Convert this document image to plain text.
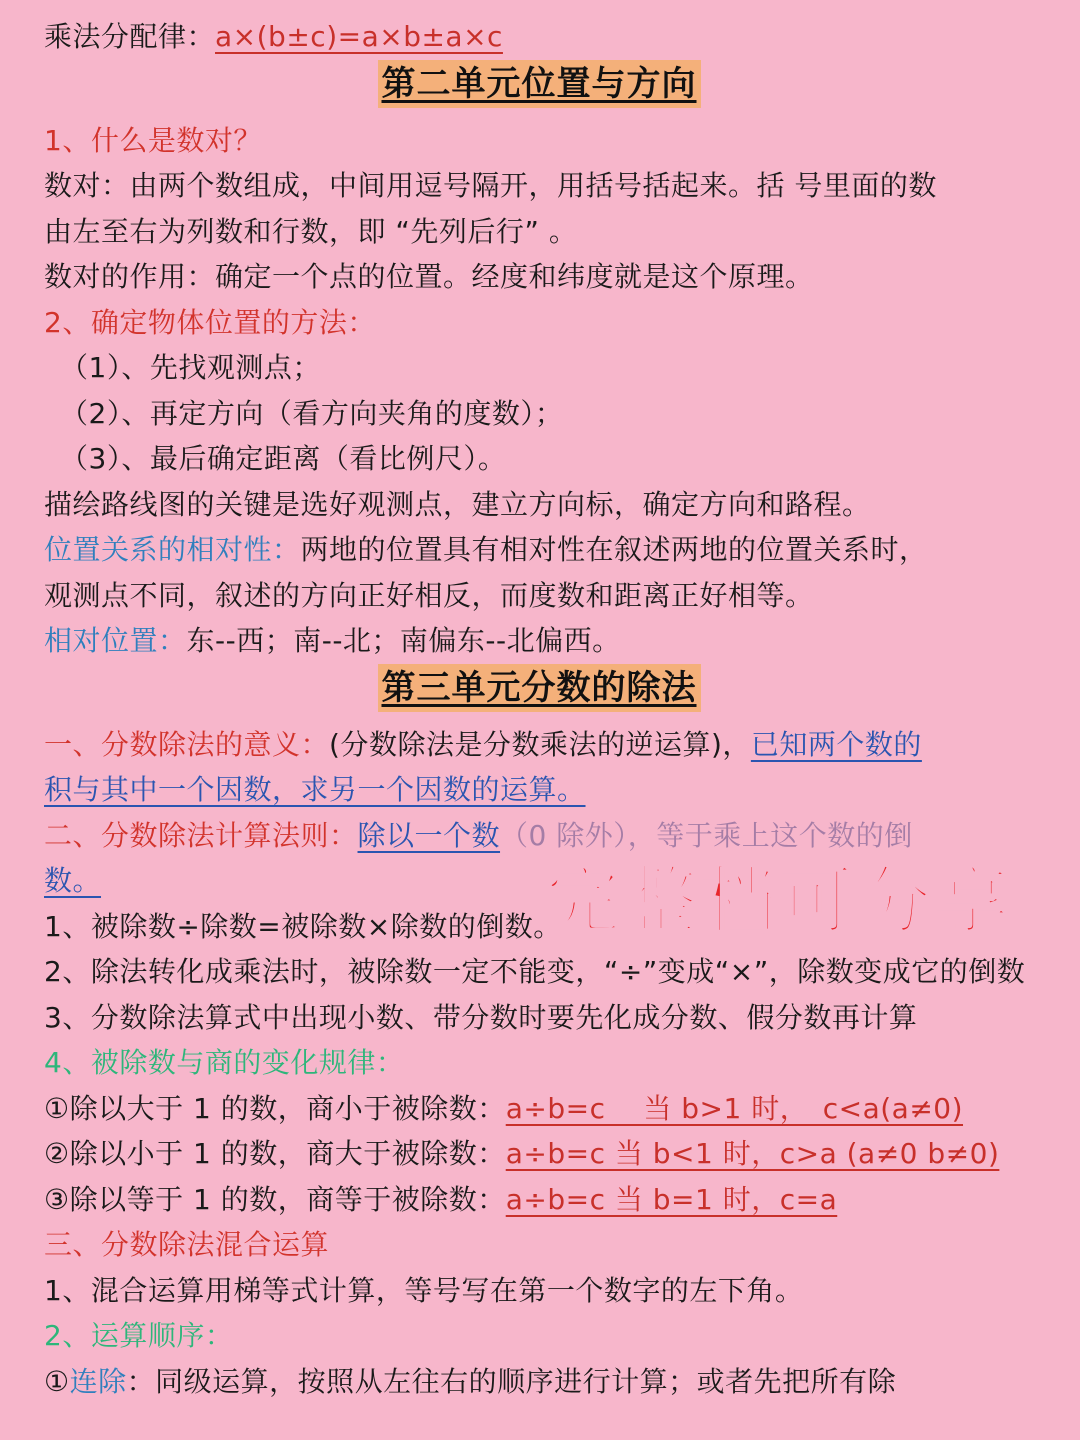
乘法分配律：a×(b±c)=a×b±a×c
第二单元位置与方向
1、什么是数对？
数对：由两个数组成，中间用逗号隔开，用括号括起来。括 号里面的数
由左至右为列数和行数，即 “先列后行” 。
数对的作用：确定一个点的位置。经度和纬度就是这个原理。
2、确定物体位置的方法：
（1）、先找观测点；
（2）、再定方向（看方向夹角的度数）；
（3）、最后确定距离（看比例尺）。
描绘路线图的关键是选好观测点，建立方向标，确定方向和路程。
位置关系的相对性：两地的位置具有相对性在叙述两地的位置关系时，
观测点不同，叙述的方向正好相反，而度数和距离正好相等。
相对位置：东--西；南--北；南偏东--北偏西。
第三单元分数的除法
一、分数除法的意义：(分数除法是分数乘法的逆运算)，已知两个数的
积与其中一个因数，求另一个因数的运算。
二、分数除法计算法则：除以一个数（0 除外），等于乘上这个数的倒
数。
1、被除数÷除数=被除数×除数的倒数。
2、除法转化成乘法时，被除数一定不能变，“÷”变成“×”，除数变成它的倒数
3、分数除法算式中出现小数、带分数时要先化成分数、假分数再计算
4、被除数与商的变化规律：
①除以大于 1 的数，商小于被除数：a÷b=c　 当 b>1 时，　c<a(a≠0)
②除以小于 1 的数，商大于被除数：a÷b=c 当 b<1 时，c>a (a≠0 b≠0)
③除以等于 1 的数，商等于被除数：a÷b=c 当 b=1 时，c=a
三、分数除法混合运算
1、混合运算用梯等式计算，等号写在第一个数字的左下角。
2、运算顺序：
①连除：同级运算，按照从左往右的顺序进行计算；或者先把所有除
完整档可分享
